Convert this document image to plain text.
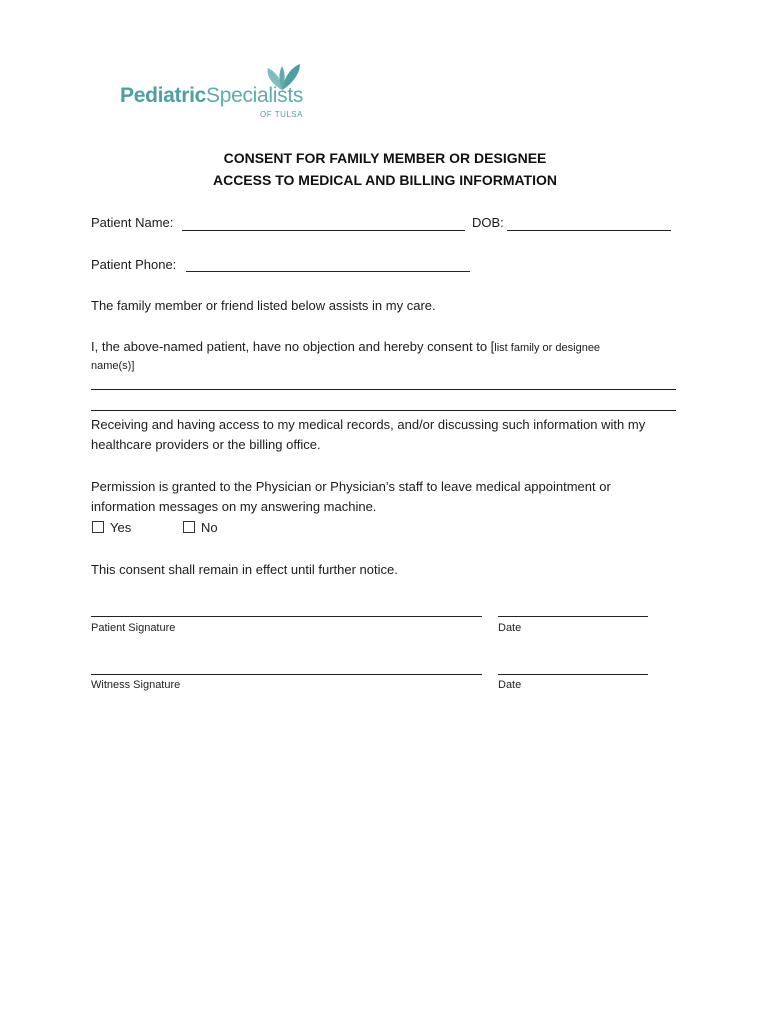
PediatricSpecialists
OF TULSA
CONSENT FOR FAMILY MEMBER OR DESIGNEE
ACCESS TO MEDICAL AND BILLING INFORMATION
Patient Name:	DOB:
Patient Phone:
The family member or friend listed below assists in my care.
I, the above-named patient, have no objection and hereby consent to [list family or designee
name(s)]
Receiving and having access to my medical records, and/or discussing such information with my
healthcare providers or the billing office.
Permission is granted to the Physician or Physician’s staff to leave medical appointment or
information messages on my answering machine.
Yes	No
This consent shall remain in effect until further notice.
Patient Signature	Date
Witness Signature	Date
